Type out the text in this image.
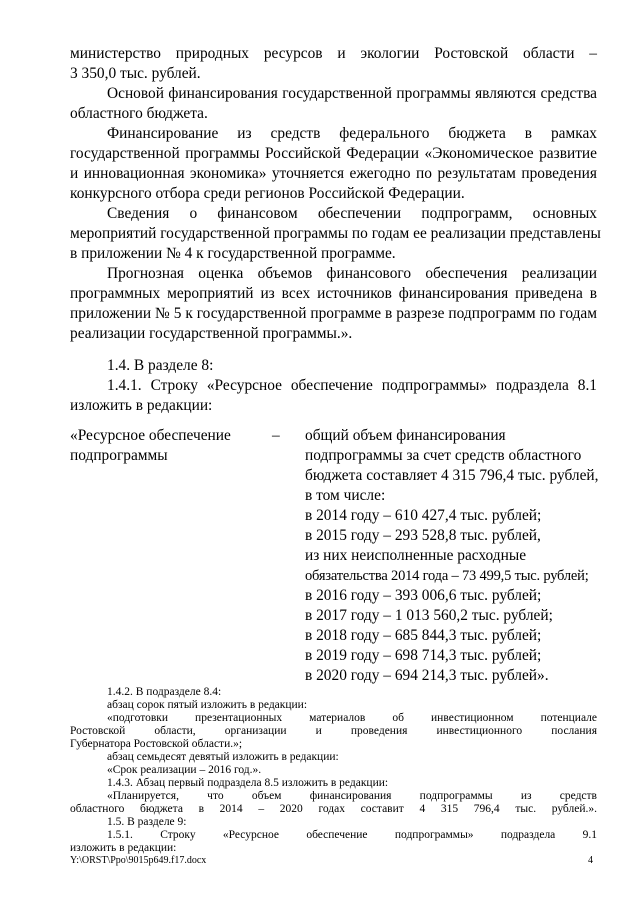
министерство природных ресурсов и экологии Ростовской области –
3 350,0 тыс. рублей.
Основой финансирования государственной программы являются средства
областного бюджета.
Финансирование из средств федерального бюджета в рамках
государственной программы Российской Федерации «Экономическое развитие
и инновационная экономика» уточняется ежегодно по результатам проведения
конкурсного отбора среди регионов Российской Федерации.
Сведения о финансовом обеспечении подпрограмм, основных
мероприятий государственной программы по годам ее реализации представлены
в приложении № 4 к государственной программе.
Прогнозная оценка объемов финансового обеспечения реализации
программных мероприятий из всех источников финансирования приведена в
приложении № 5 к государственной программе в разрезе подпрограмм по годам
реализации государственной программы.».
1.4. В разделе 8:
1.4.1. Строку «Ресурсное обеспечение подпрограммы» подраздела 8.1
изложить в редакции:
«Ресурсное обеспечение
подпрограммы
– общий объем финансирования
подпрограммы за счет средств областного
бюджета составляет 4 315 796,4 тыс. рублей,
в том числе:
в 2014 году – 610 427,4 тыс. рублей;
в 2015 году – 293 528,8 тыс. рублей,
из них неисполненные расходные
обязательства 2014 года – 73 499,5 тыс. рублей;
в 2016 году – 393 006,6 тыс. рублей;
в 2017 году – 1 013 560,2 тыс. рублей;
в 2018 году – 685 844,3 тыс. рублей;
в 2019 году – 698 714,3 тыс. рублей;
в 2020 году – 694 214,3 тыс. рублей».
Y:\ORST\Ppo\9015p649.f17.docx	4
1.4.2. В подразделе 8.4:
абзац сорок пятый изложить в редакции:
«подготовки презентационных материалов об инвестиционном потенциале
Ростовской области, организации и проведения инвестиционного послания
Губернатора Ростовской области.»;
абзац семьдесят девятый изложить в редакции:
«Срок реализации – 2016 год.».
1.4.3. Абзац первый подраздела 8.5 изложить в редакции:
«Планируется, что объем финансирования подпрограммы из средств
областного бюджета в 2014 – 2020 годах составит 4 315 796,4 тыс. рублей.».
1.5. В разделе 9:
1.5.1. Строку «Ресурсное обеспечение подпрограммы» подраздела 9.1
изложить в редакции:
